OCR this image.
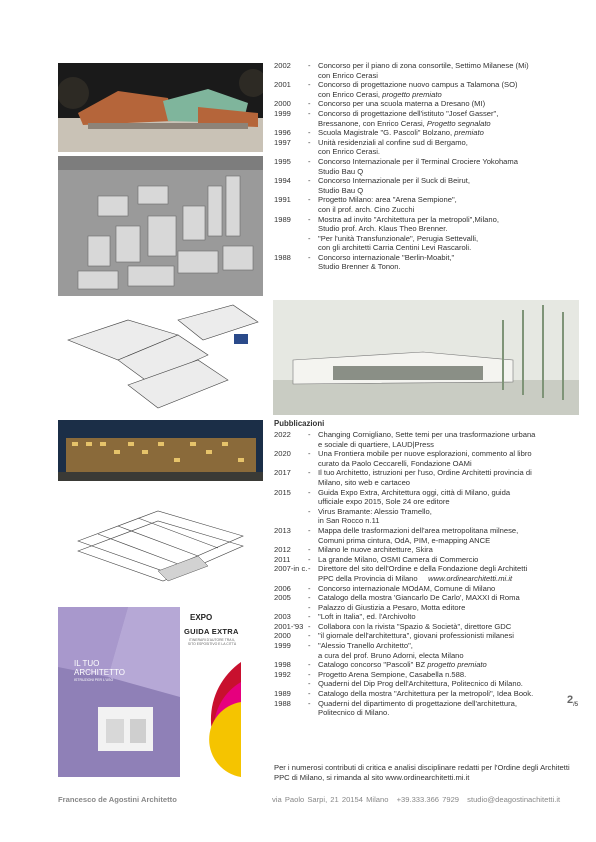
IL TUO ARCHITETTO
ISTRUZIONI PER L'USO
EXPO
GUIDA EXTRA
ITINERARI D'AUTORE TRA IL SITO ESPOSITIVO E LA CITTÀ
2002	- Concorso per il piano di zona consortile, Settimo Milanese (Mi)
con Enrico Cerasi
2001	- Concorso di progettazione nuovo campus a Talamona (SO)
con Enrico Cerasi, progetto premiato
2000	- Concorso per una scuola materna a Dresano (MI)
1999	- Concorso di progettazione dell'istituto "Josef Gasser",
Bressanone, con Enrico Cerasi, Progetto segnalato
1996	- Scuola Magistrale "G. Pascoli" Bolzano, premiato
1997	- Unità residenziali al confine sud di Bergamo,
con Enrico Cerasi.
1995	- Concorso Internazionale per il Terminal Crociere Yokohama
Studio Bau Q
1994	- Concorso Internazionale per il Suck di Beirut,
Studio Bau Q
1991	- Progetto Milano: area "Arena Sempione",
con il prof. arch. Cino Zucchi
1989	- Mostra ad invito "Architettura per la metropoli",Milano,
Studio prof. Arch. Klaus Theo Brenner.
- "Per l'unità Transfunzionale", Perugia Settevalli,
con gli architetti Carria Centini Levi Rascaroli.
1988	- Concorso internazionale "Berlin-Moabit,"
Studio Brenner & Tonon.
Pubblicazioni
2022	- Changing Corniglianо, Sette temi per una trasformazione urbana
e sociale di quartiere, LAUD|Press
2020	- Una Frontiera mobile per nuove esplorazioni, commento al libro
curato da Paolo Ceccarelli, Fondazione OAMi
2017	- Il tuo Architetto, istruzioni per l'uso, Ordine Architetti provincia di
Milano, sito web e cartaceo
2015	- Guida Expo Extra, Architettura oggi, città di Milano, guida
ufficiale expo 2015, Sole 24 ore editore
- Virus Bramante: Alessio Tramello,
in San Rocco n.11
2013	- Mappa delle trasformazioni dell'area metropolitana milnese,
Comuni prima cintura, OdA, PIM, e-mapping ANCE
2012	- Milano le nuove architetture, Skira
2011	- La grande Milano, OSMI Camera di Commercio
2007-in c. - Direttore del sito dell'Ordine e della Fondazione degli Architetti
PPC della Provincia di Milano     www.ordinearchitetti.mi.it
2006	- Concorso internazionale MOdAM, Comune di Milano
2005	- Catalogo della mostra 'Giancarlo De Carlo', MAXXI di Roma
- Palazzo di Giustizia a Pesaro, Motta editore
2003	- "Loft in Italia", ed. l'Archivolto
2001-'93 - Collabora con la rivista "Spazio & Società", direttore GDC
2000	- "il giornale dell'architettura", giovani professionisti milanesi
1999	- "Alessio Tranello Architetto",
a cura del prof. Bruno Adorni, electa Milano
1998	- Catalogo concorso "Pascoli" BZ progetto premiato
1992	- Progetto Arena Sempione, Casabella n.588.
- Quaderni del Dip Prog dell'Architettura, Politecnico di Milano.
1989	- Catalogo della mostra "Architettura per la metropoli", Idea Book.
1988	- Quaderni del dipartimento di progettazione dell'architettura,
Politecnico di Milano.
Per i numerosi contributi di critica e analisi disciplinare redatti per l'Ordine degli Architetti PPC di Milano, si rimanda al sito www.ordinearchitetti.mi.it
$2_{/5}$
Francesco de Agostini Architetto	via Paolo Sarpi, 21 20154 Milano +39.333.366 7929 studio@deagostinachitetti.it
